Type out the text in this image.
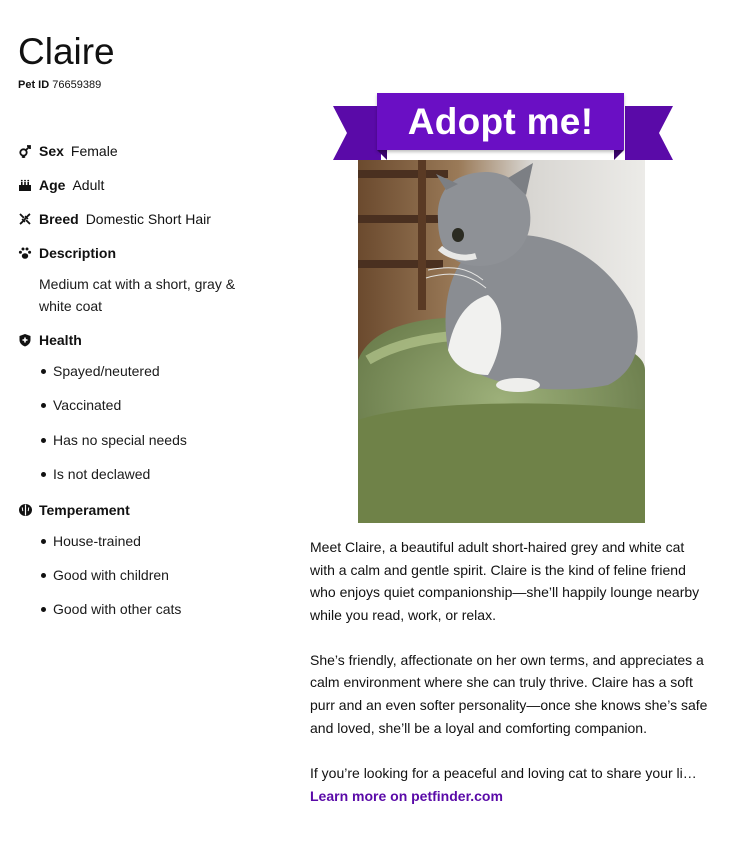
Claire
Pet ID 76659389
Sex Female
Age Adult
Breed Domestic Short Hair
Description
Medium cat with a short, gray & white coat
Health
Spayed/neutered
Vaccinated
Has no special needs
Is not declawed
Temperament
House-trained
Good with children
Good with other cats
Adopt me!

Meet Claire, a beautiful adult short-haired grey and white cat with a calm and gentle spirit. Claire is the kind of feline friend who enjoys quiet companionship—she’ll happily lounge nearby while you read, work, or relax.

She’s friendly, affectionate on her own terms, and appreciates a calm environment where she can truly thrive. Claire has a soft purr and an even softer personality—once she knows she’s safe and loved, she’ll be a loyal and comforting companion.

If you’re looking for a peaceful and loving cat to share your li…

Learn more on petfinder.com
